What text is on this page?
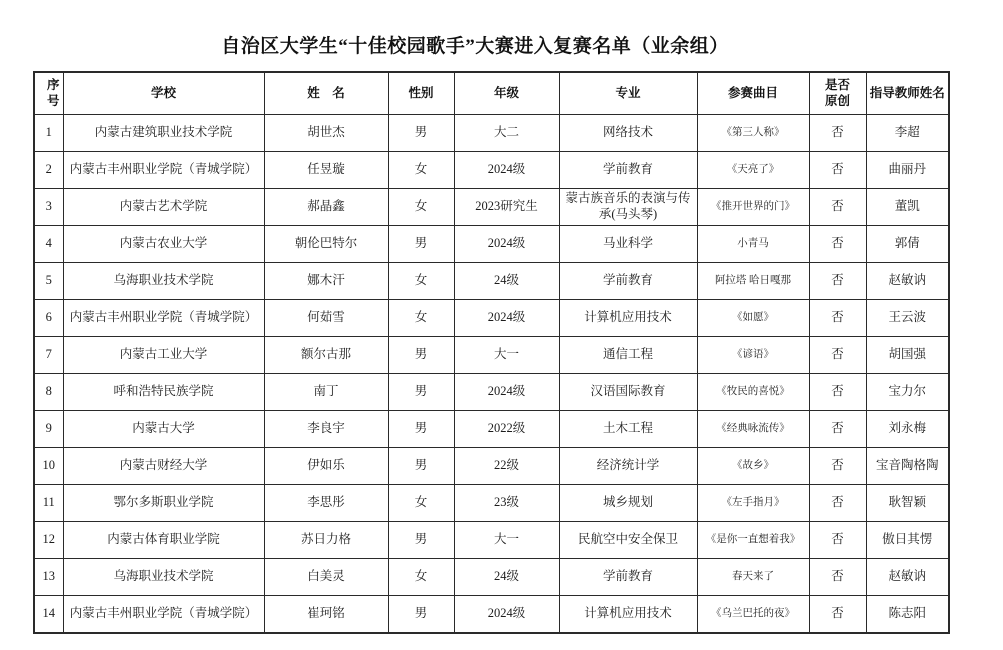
自治区大学生“十佳校园歌手”大赛进入复赛名单（业余组）
序号	学校	姓　名	性别	年级	专业	参赛曲目	是否原创	指导教师姓名
1	内蒙古建筑职业技术学院	胡世杰	男	大二	网络技术	《第三人称》	否	李超
2	内蒙古丰州职业学院（青城学院）	任昱璇	女	2024级	学前教育	《天亮了》	否	曲丽丹
3	内蒙古艺术学院	郝晶鑫	女	2023研究生	蒙古族音乐的表演与传承(马头琴)	《推开世界的门》	否	董凯
4	内蒙古农业大学	朝伦巴特尔	男	2024级	马业科学	小青马	否	郭倩
5	乌海职业技术学院	娜木汗	女	24级	学前教育	阿拉塔 哈日嘎那	否	赵敏讷
6	内蒙古丰州职业学院（青城学院）	何茹雪	女	2024级	计算机应用技术	《如愿》	否	王云波
7	内蒙古工业大学	额尔古那	男	大一	通信工程	《谚语》	否	胡国强
8	呼和浩特民族学院	南丁	男	2024级	汉语国际教育	《牧民的喜悦》	否	宝力尔
9	内蒙古大学	李良宇	男	2022级	土木工程	《经典咏流传》	否	刘永梅
10	内蒙古财经大学	伊如乐	男	22级	经济统计学	《故乡》	否	宝音陶格陶
11	鄂尔多斯职业学院	李思彤	女	23级	城乡规划	《左手指月》	否	耿智颖
12	内蒙古体育职业学院	苏日力格	男	大一	民航空中安全保卫	《是你一直想着我》	否	傲日其愣
13	乌海职业技术学院	白美灵	女	24级	学前教育	春天来了	否	赵敏讷
14	内蒙古丰州职业学院（青城学院）	崔珂铭	男	2024级	计算机应用技术	《乌兰巴托的夜》	否	陈志阳
